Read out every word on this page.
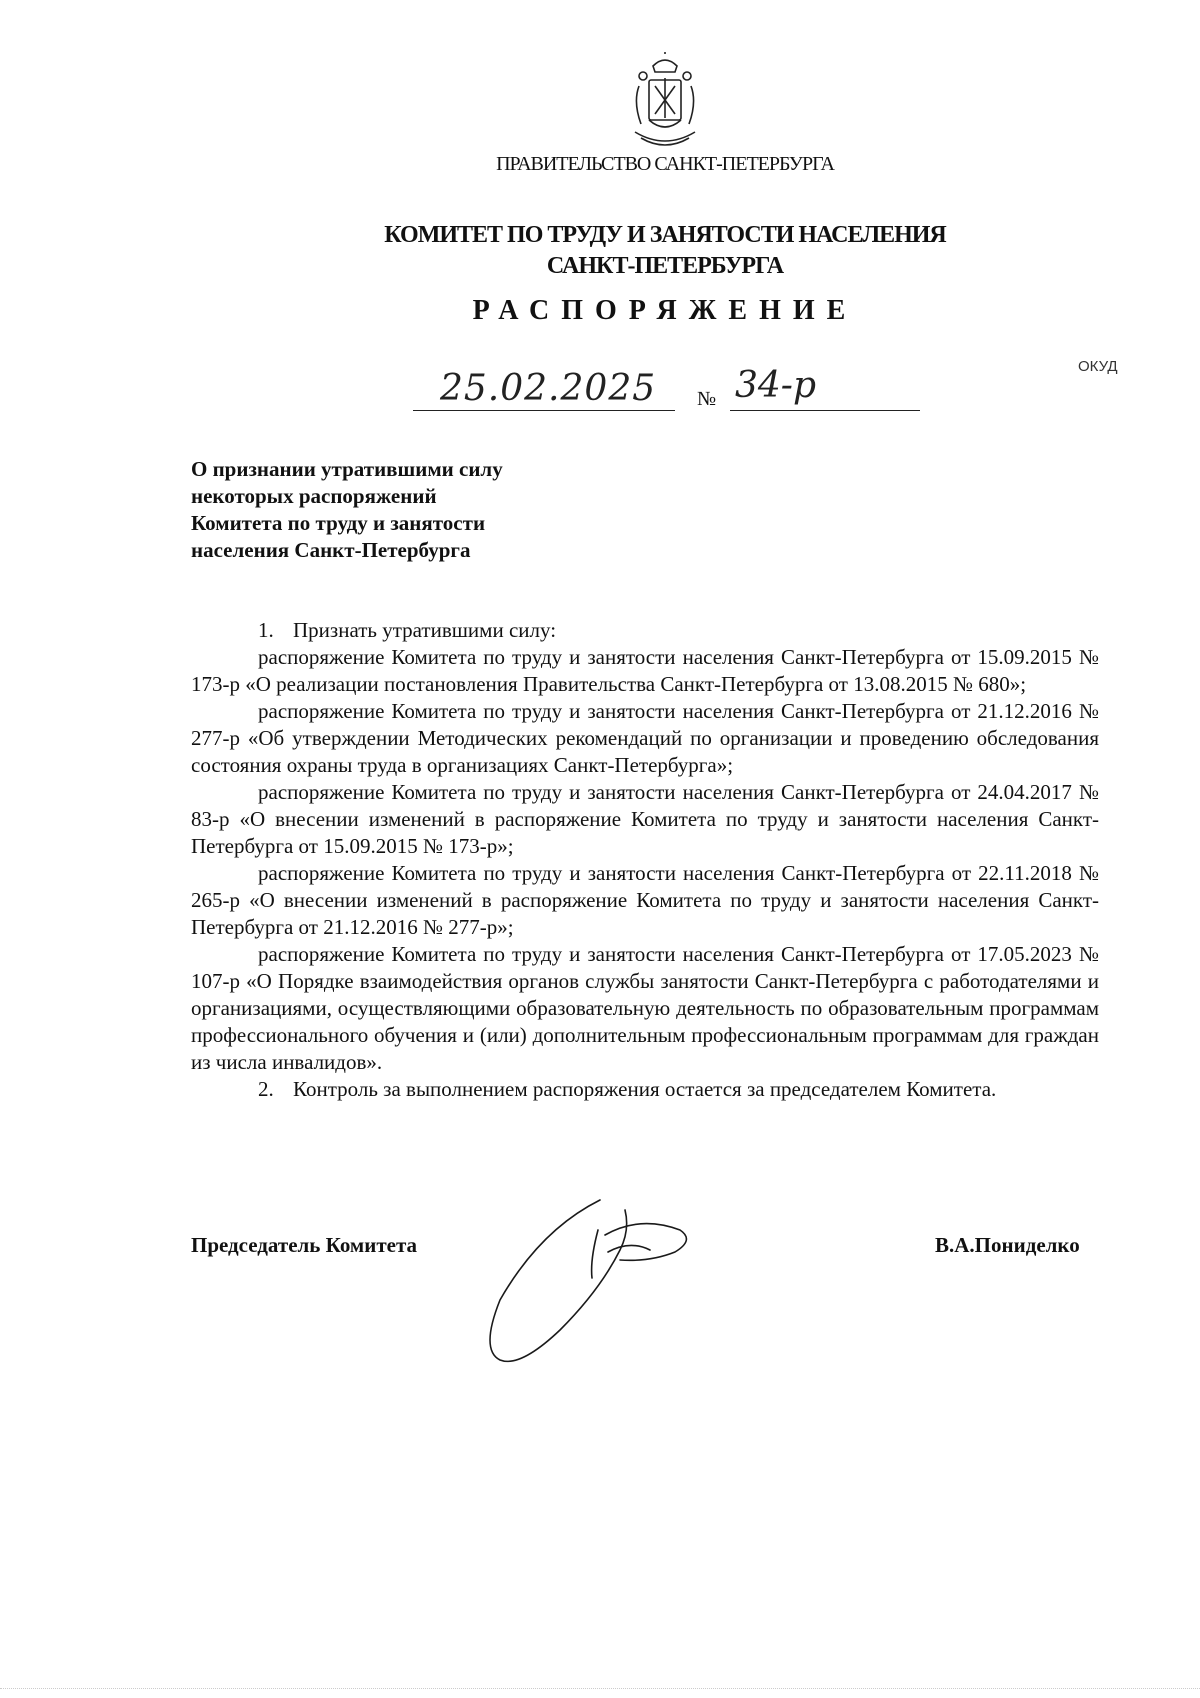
ПРАВИТЕЛЬСТВО САНКТ-ПЕТЕРБУРГА
КОМИТЕТ ПО ТРУДУ И ЗАНЯТОСТИ НАСЕЛЕНИЯ
САНКТ-ПЕТЕРБУРГА
РАСПОРЯЖЕНИЕ
ОКУД
25.02.2025 № 34-р
О признании утратившими силу
некоторых распоряжений
Комитета по труду и занятости
населения Санкт-Петербурга

1. Признать утратившими силу:

распоряжение Комитета по труду и занятости населения Санкт-Петербурга от 15.09.2015 № 173-р «О реализации постановления Правительства Санкт-Петербурга от 13.08.2015 № 680»;

распоряжение Комитета по труду и занятости населения Санкт-Петербурга от 21.12.2016 № 277-р «Об утверждении Методических рекомендаций по организации и проведению обследования состояния охраны труда в организациях Санкт-Петербурга»;

распоряжение Комитета по труду и занятости населения Санкт-Петербурга от 24.04.2017 № 83-р «О внесении изменений в распоряжение Комитета по труду и занятости населения Санкт-Петербурга от 15.09.2015 № 173-р»;

распоряжение Комитета по труду и занятости населения Санкт-Петербурга от 22.11.2018 № 265-р «О внесении изменений в распоряжение Комитета по труду и занятости населения Санкт-Петербурга от 21.12.2016 № 277-р»;

распоряжение Комитета по труду и занятости населения Санкт-Петербурга от 17.05.2023 № 107-р «О Порядке взаимодействия органов службы занятости Санкт-Петербурга с работодателями и организациями, осуществляющими образовательную деятельность по образовательным программам профессионального обучения и (или) дополнительным профессиональным программам для граждан из числа инвалидов».

2. Контроль за выполнением распоряжения остается за председателем Комитета.

Председатель Комитета	В.А.Пониделко
